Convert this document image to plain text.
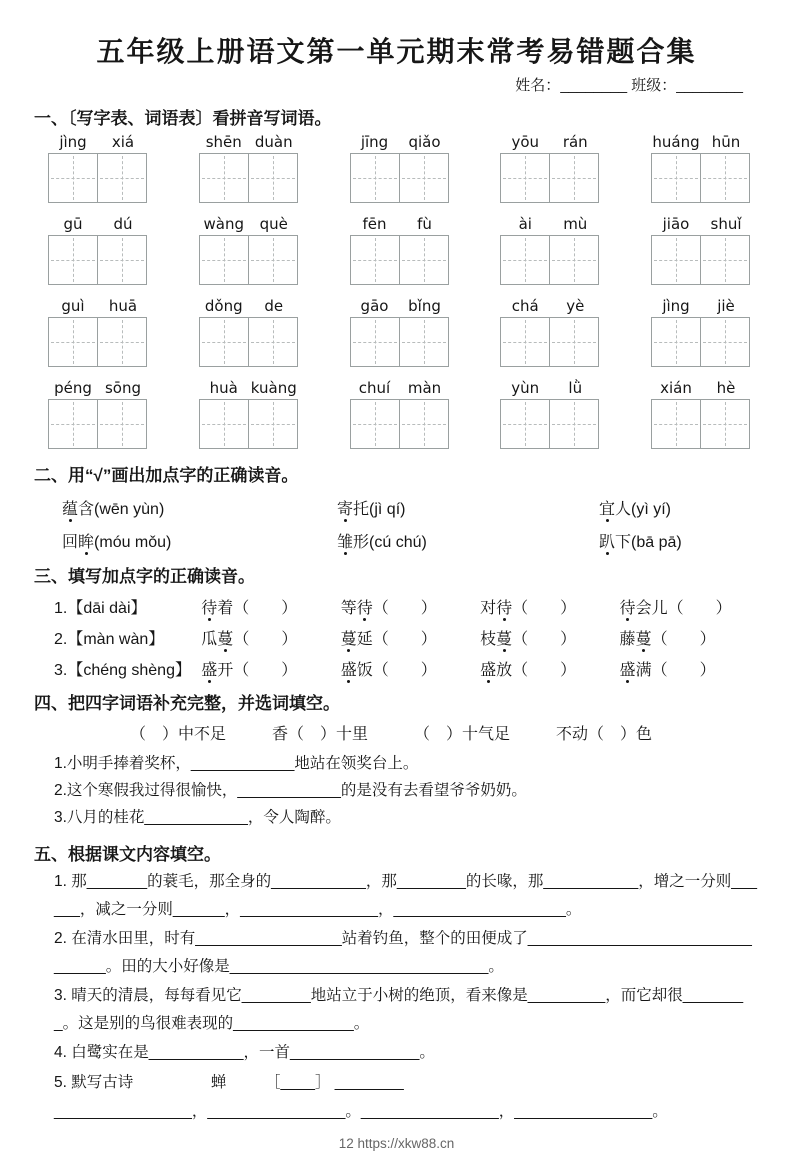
五年级上册语文第一单元期末常考易错题合集
姓名：________ 班级：________
一、〔写字表、词语表〕看拼音写词语。
jìng	xiá	shēn duàn	jīng	qiǎo	yōu	rán	huáng hūn
gū	dú	wàng	què	fēn	fù	ài	mù	jiāo	shuǐ
guì	huā	dǒng	de	gāo	bǐng	chá	yè	jìng	jiè
péng sōng	huà kuàng	chuí	màn	yùn	lǜ	xián	hè
二、用“√”画出加点字的正确读音。
蕴含(wēn yùn)	寄托(jì qí)	宜人(yì yí)
回眸(móu mǒu)	雏形(cú chú)	趴下(bā pā)
三、填写加点字的正确读音。
1.【dāi dài】	待着（　　）	等待（　　）	对待（　　）	待会儿（　　）
2.【màn wàn】	瓜蔓（　　）	蔓延（　　）	枝蔓（　　）	藤蔓（　　）
3.【chéng shèng】 盛开（　　）	盛饭（　　）	盛放（　　）	盛满（　　）
四、把四字词语补充完整，并选词填空。
（　）中不足	香（　）十里	（　）十气足	不动（　）色
1.小明手捧着奖杯，____________地站在领奖台上。
2.这个寒假我过得很愉快，____________的是没有去看望爷爷奶奶。
3.八月的桂花____________，令人陶醉。
五、根据课文内容填空。
1. 那_______的蓑毛，那全身的___________，那________的长喙，那___________，增之一分则______，减之一分则______，________________，____________________。
2. 在清水田里，时有_________________站着钓鱼，整个的田便成了________________________________。田的大小好像是______________________________。
3. 晴天的清晨，每每看见它________地站立于小树的绝顶，看来像是_________，而它却很________。这是别的鸟很难表现的______________。
4. 白鹭实在是___________，一首_______________。
5. 默写古诗　　　　　蝉　　　［____］ ________
________________，________________。________________，________________。
12 https://xkw88.cn
